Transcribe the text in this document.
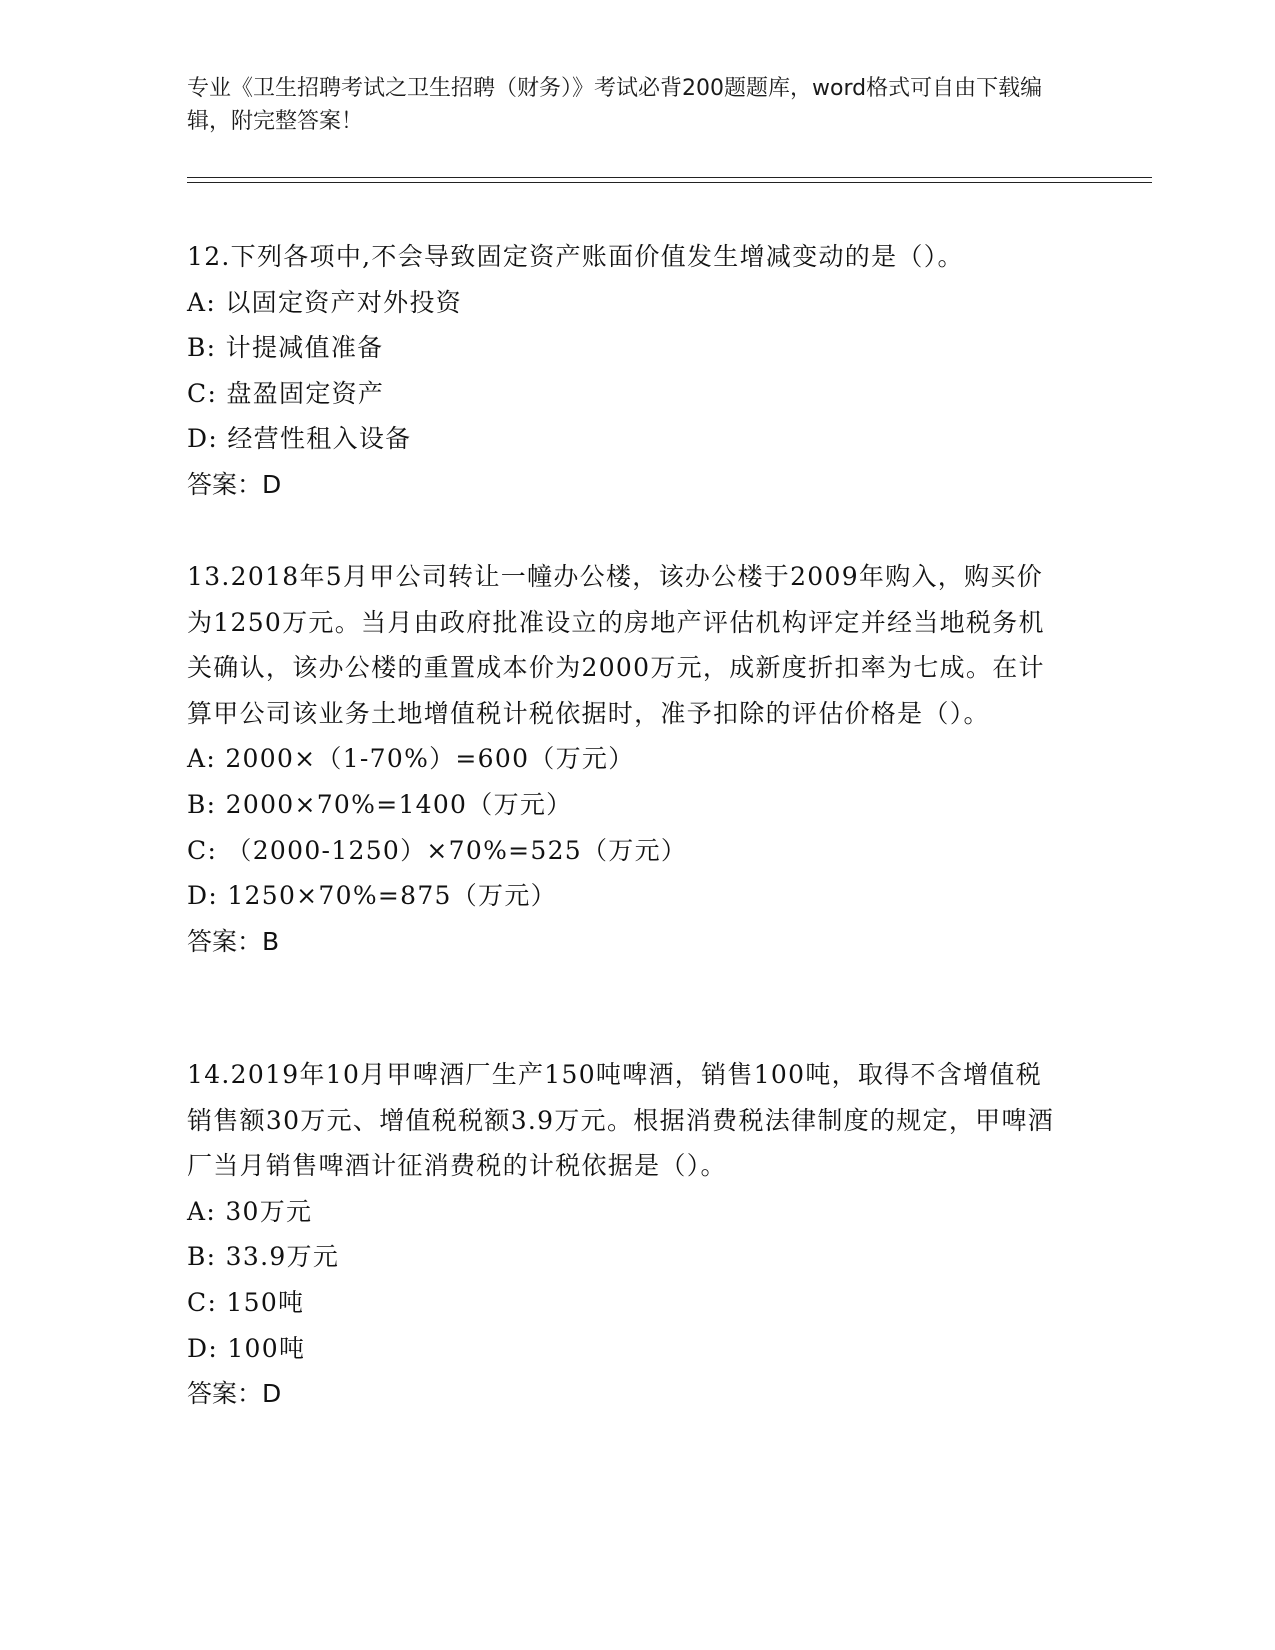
专业《卫生招聘考试之卫生招聘（财务）》考试必背200题题库，word格式可自由下载编辑，附完整答案！

12.下列各项中,不会导致固定资产账面价值发生增减变动的是（）。

A: 以固定资产对外投资

B: 计提减值准备

C: 盘盈固定资产

D: 经营性租入设备

答案：D

13.2018年5月甲公司转让一幢办公楼，该办公楼于2009年购入，购买价为1250万元。当月由政府批准设立的房地产评估机构评定并经当地税务机关确认，该办公楼的重置成本价为2000万元，成新度折扣率为七成。在计算甲公司该业务土地增值税计税依据时，准予扣除的评估价格是（）。

A: 2000×（1-70%）=600（万元）

B: 2000×70%=1400（万元）

C: （2000-1250）×70%=525（万元）

D: 1250×70%=875（万元）

答案：B

14.2019年10月甲啤酒厂生产150吨啤酒，销售100吨，取得不含增值税销售额30万元、增值税税额3.9万元。根据消费税法律制度的规定，甲啤酒厂当月销售啤酒计征消费税的计税依据是（）。

A: 30万元

B: 33.9万元

C: 150吨

D: 100吨

答案：D
